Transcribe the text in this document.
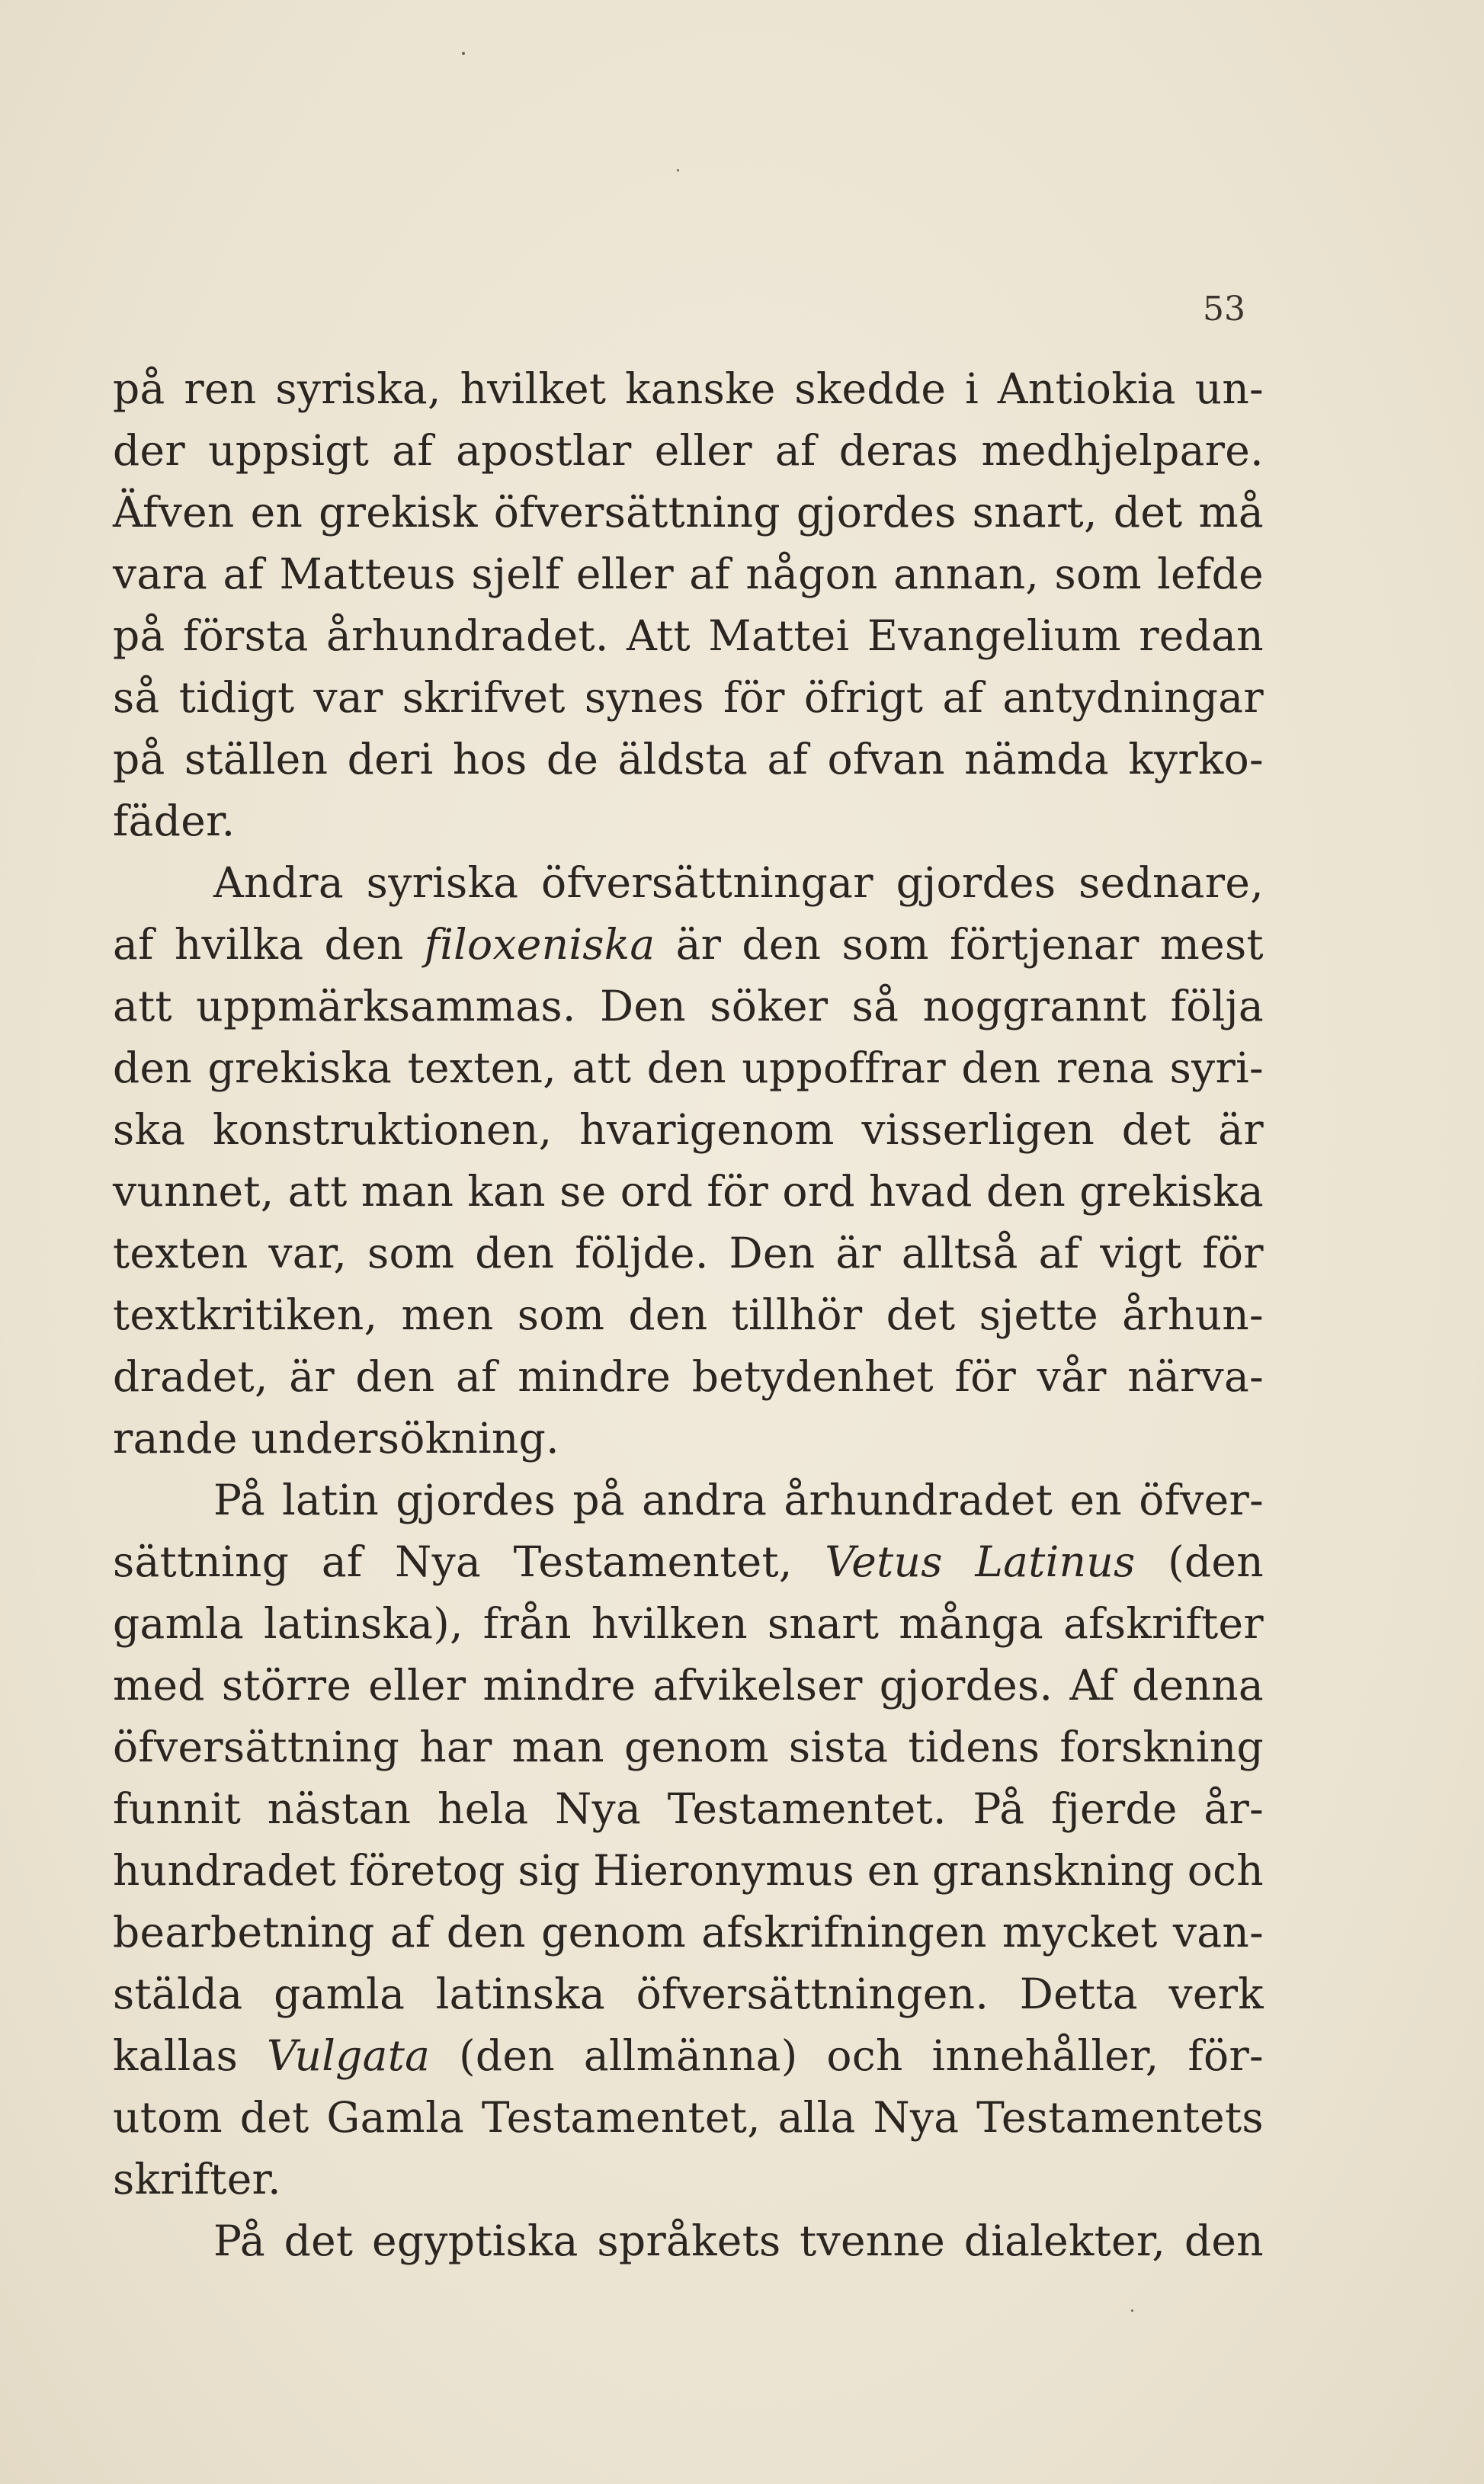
53
på ren syriska, hvilket kanske skedde i Antiokia un-
der uppsigt af apostlar eller af deras medhjelpare.
Äfven en grekisk öfversättning gjordes snart, det må
vara af Matteus sjelf eller af någon annan, som lefde
på första århundradet. Att Mattei Evangelium redan
så tidigt var skrifvet synes för öfrigt af antydningar
på ställen deri hos de äldsta af ofvan nämda kyrko-
fäder.
Andra syriska öfversättningar gjordes sednare,
af hvilka den filoxeniska är den som förtjenar mest
att uppmärksammas. Den söker så noggrannt följa
den grekiska texten, att den uppoffrar den rena syri-
ska konstruktionen, hvarigenom visserligen det är
vunnet, att man kan se ord för ord hvad den grekiska
texten var, som den följde. Den är alltså af vigt för
textkritiken, men som den tillhör det sjette århun-
dradet, är den af mindre betydenhet för vår närva-
rande undersökning.
På latin gjordes på andra århundradet en öfver-
sättning af Nya Testamentet, Vetus Latinus (den
gamla latinska), från hvilken snart många afskrifter
med större eller mindre afvikelser gjordes. Af denna
öfversättning har man genom sista tidens forskning
funnit nästan hela Nya Testamentet. På fjerde år-
hundradet företog sig Hieronymus en granskning och
bearbetning af den genom afskrifningen mycket van-
stälda gamla latinska öfversättningen. Detta verk
kallas Vulgata (den allmänna) och innehåller, för-
utom det Gamla Testamentet, alla Nya Testamentets
skrifter.
På det egyptiska språkets tvenne dialekter, den
